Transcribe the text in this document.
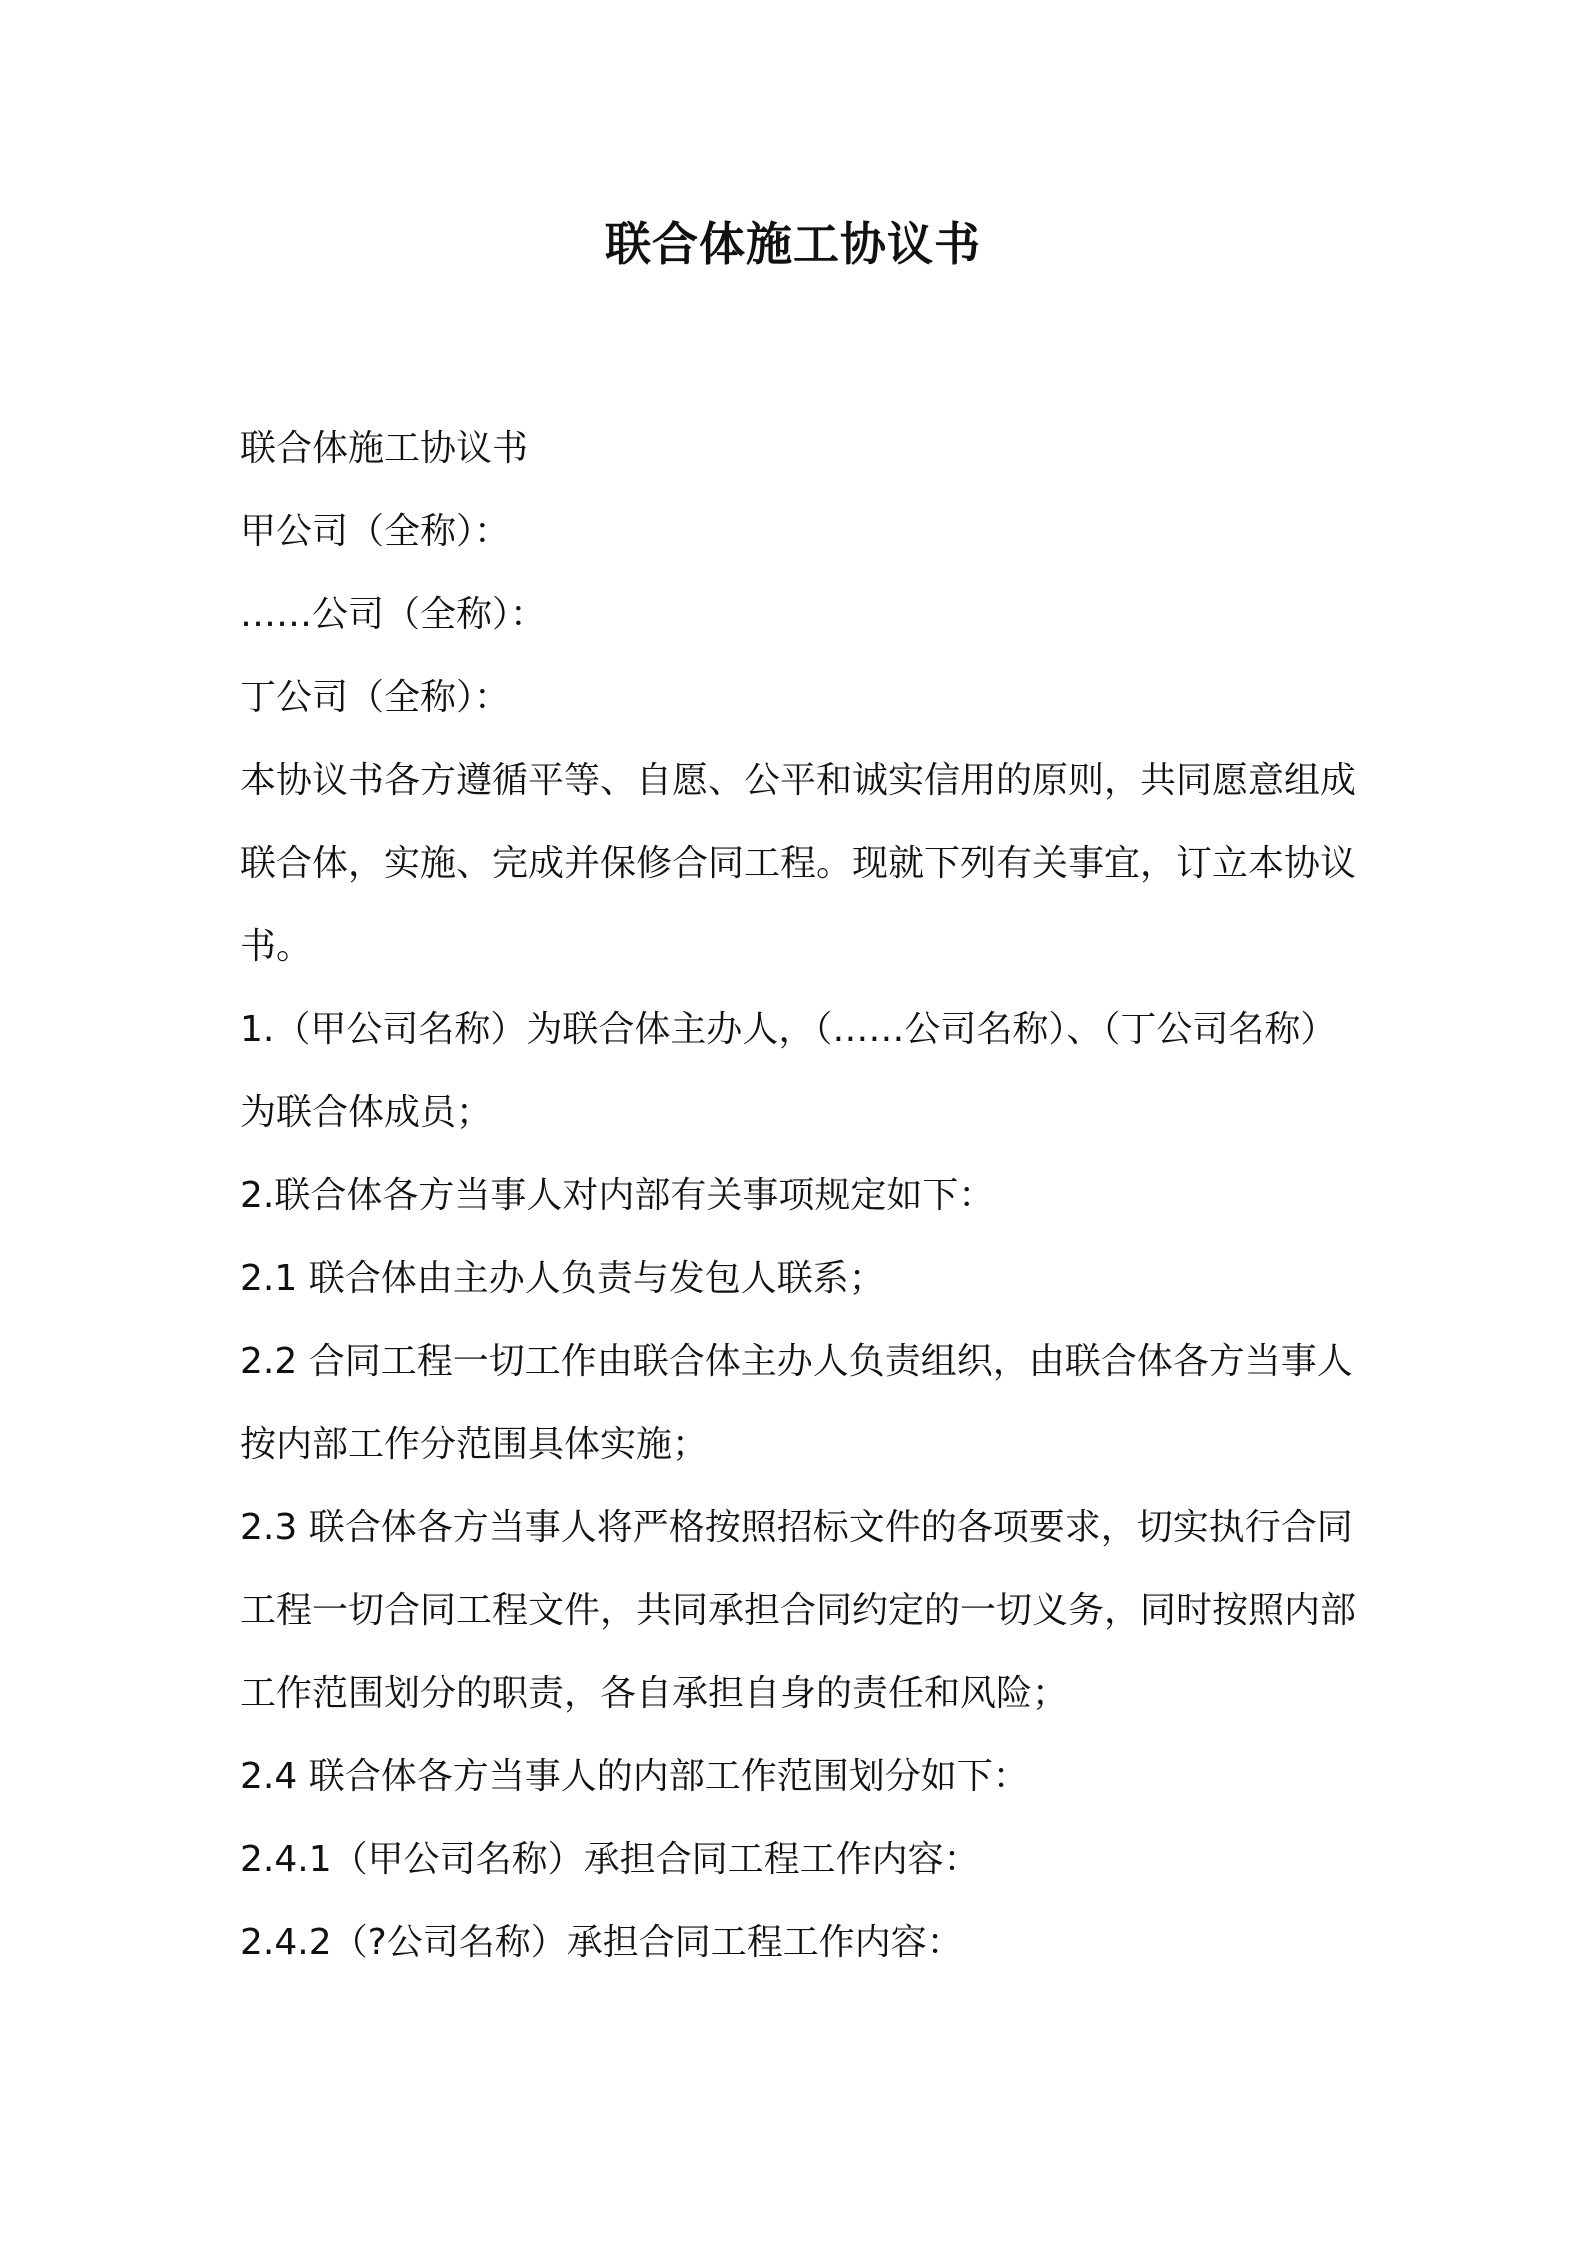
联合体施工协议书

联合体施工协议书

甲公司（全称）：

……公司（全称）：

丁公司（全称）：

本协议书各方遵循平等、自愿、公平和诚实信用的原则，共同愿意组成联合体，实施、完成并保修合同工程。现就下列有关事宜，订立本协议书。

1.（甲公司名称）为联合体主办人，（……公司名称）、（丁公司名称）为联合体成员；

2.联合体各方当事人对内部有关事项规定如下：

2.1 联合体由主办人负责与发包人联系；

2.2 合同工程一切工作由联合体主办人负责组织，由联合体各方当事人按内部工作分范围具体实施；

2.3 联合体各方当事人将严格按照招标文件的各项要求，切实执行合同工程一切合同工程文件，共同承担合同约定的一切义务，同时按照内部工作范围划分的职责，各自承担自身的责任和风险；

2.4 联合体各方当事人的内部工作范围划分如下：

2.4.1（甲公司名称）承担合同工程工作内容：

2.4.2（?公司名称）承担合同工程工作内容：
